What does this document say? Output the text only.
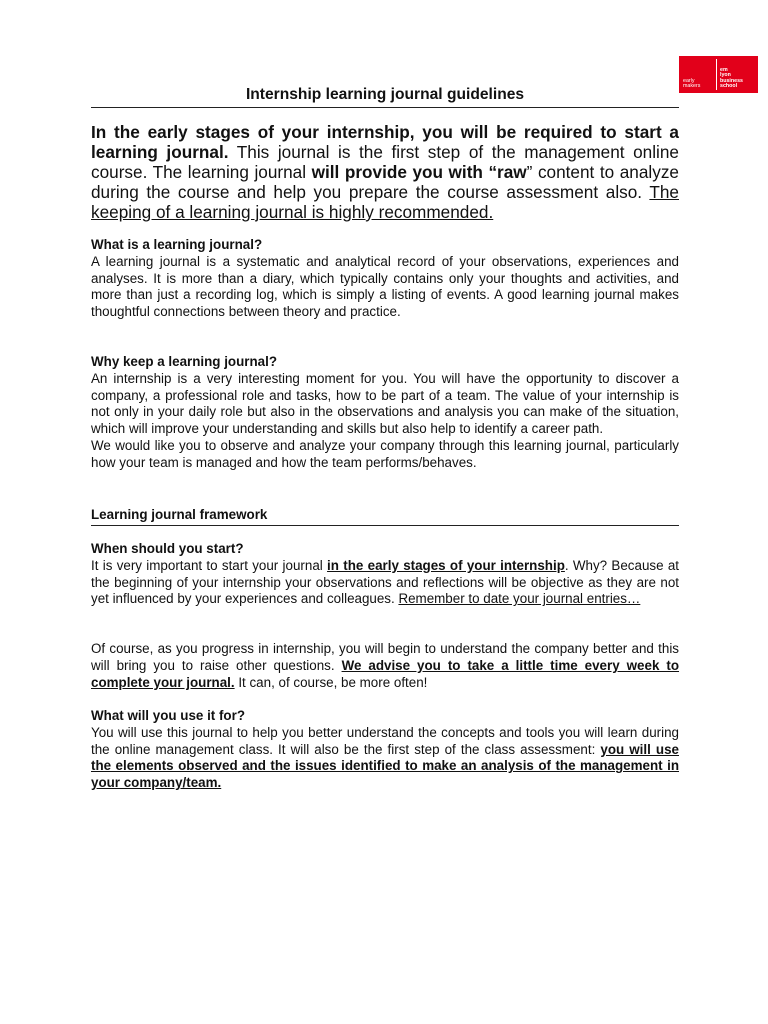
early
makers
em
lyon
business
school
Internship learning journal guidelines

In the early stages of your internship, you will be required to start a learning journal. This journal is the first step of the management online course. The learning journal will provide you with “raw” content to analyze during the course and help you prepare the course assessment also. The keeping of a learning journal is highly recommended.

What is a learning journal?

A learning journal is a systematic and analytical record of your observations, experiences and analyses. It is more than a diary, which typically contains only your thoughts and activities, and more than just a recording log, which is simply a listing of events. A good learning journal makes thoughtful connections between theory and practice.

Why keep a learning journal?

An internship is a very interesting moment for you. You will have the opportunity to discover a company, a professional role and tasks, how to be part of a team. The value of your internship is not only in your daily role but also in the observations and analysis you can make of the situation, which will improve your understanding and skills but also help to identify a career path.

We would like you to observe and analyze your company through this learning journal, particularly how your team is managed and how the team performs/behaves.

Learning journal framework
When should you start?

It is very important to start your journal in the early stages of your internship. Why? Because at the beginning of your internship your observations and reflections will be objective as they are not yet influenced by your experiences and colleagues. Remember to date your journal entries…

Of course, as you progress in internship, you will begin to understand the company better and this will bring you to raise other questions. We advise you to take a little time every week to complete your journal. It can, of course, be more often!

What will you use it for?

You will use this journal to help you better understand the concepts and tools you will learn during the online management class. It will also be the first step of the class assessment: you will use the elements observed and the issues identified to make an analysis of the management in your company/team.
